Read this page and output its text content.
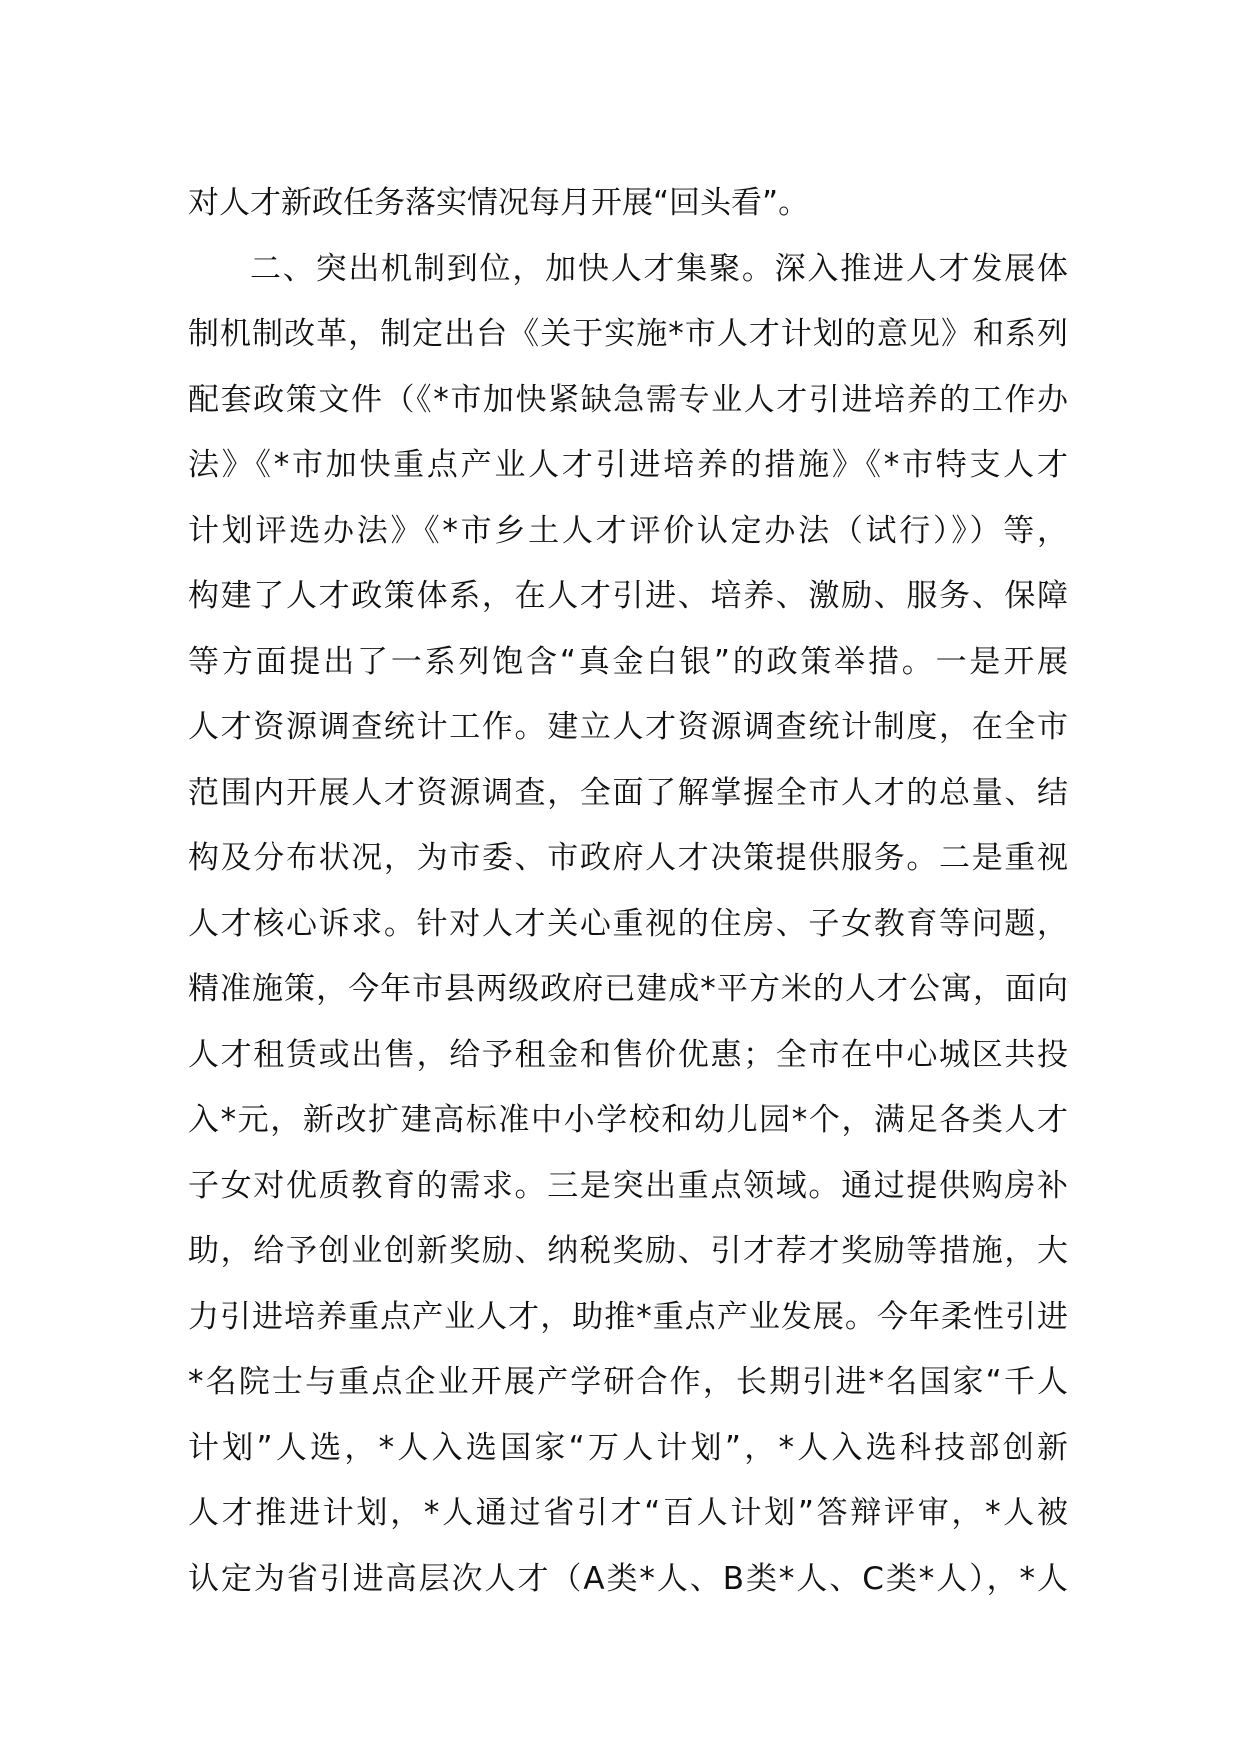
对人才新政任务落实情况每月开展“回头看”。
二、突出机制到位，加快人才集聚。深入推进人才发展体
制机制改革，制定出台《关于实施*市人才计划的意见》和系列
配套政策文件（《*市加快紧缺急需专业人才引进培养的工作办
法》《*市加快重点产业人才引进培养的措施》《*市特支人才
计划评选办法》《*市乡土人才评价认定办法（试行）》）等，
构建了人才政策体系，在人才引进、培养、激励、服务、保障
等方面提出了一系列饱含“真金白银”的政策举措。一是开展
人才资源调查统计工作。建立人才资源调查统计制度，在全市
范围内开展人才资源调查，全面了解掌握全市人才的总量、结
构及分布状况，为市委、市政府人才决策提供服务。二是重视
人才核心诉求。针对人才关心重视的住房、子女教育等问题，
精准施策，今年市县两级政府已建成*平方米的人才公寓，面向
人才租赁或出售，给予租金和售价优惠；全市在中心城区共投
入*元，新改扩建高标准中小学校和幼儿园*个，满足各类人才
子女对优质教育的需求。三是突出重点领域。通过提供购房补
助，给予创业创新奖励、纳税奖励、引才荐才奖励等措施，大
力引进培养重点产业人才，助推*重点产业发展。今年柔性引进
*名院士与重点企业开展产学研合作，长期引进*名国家“千人
计划”人选，*人入选国家“万人计划”，*人入选科技部创新
人才推进计划，*人通过省引才“百人计划”答辩评审，*人被
认定为省引进高层次人才（A类*人、B类*人、C类*人），*人
